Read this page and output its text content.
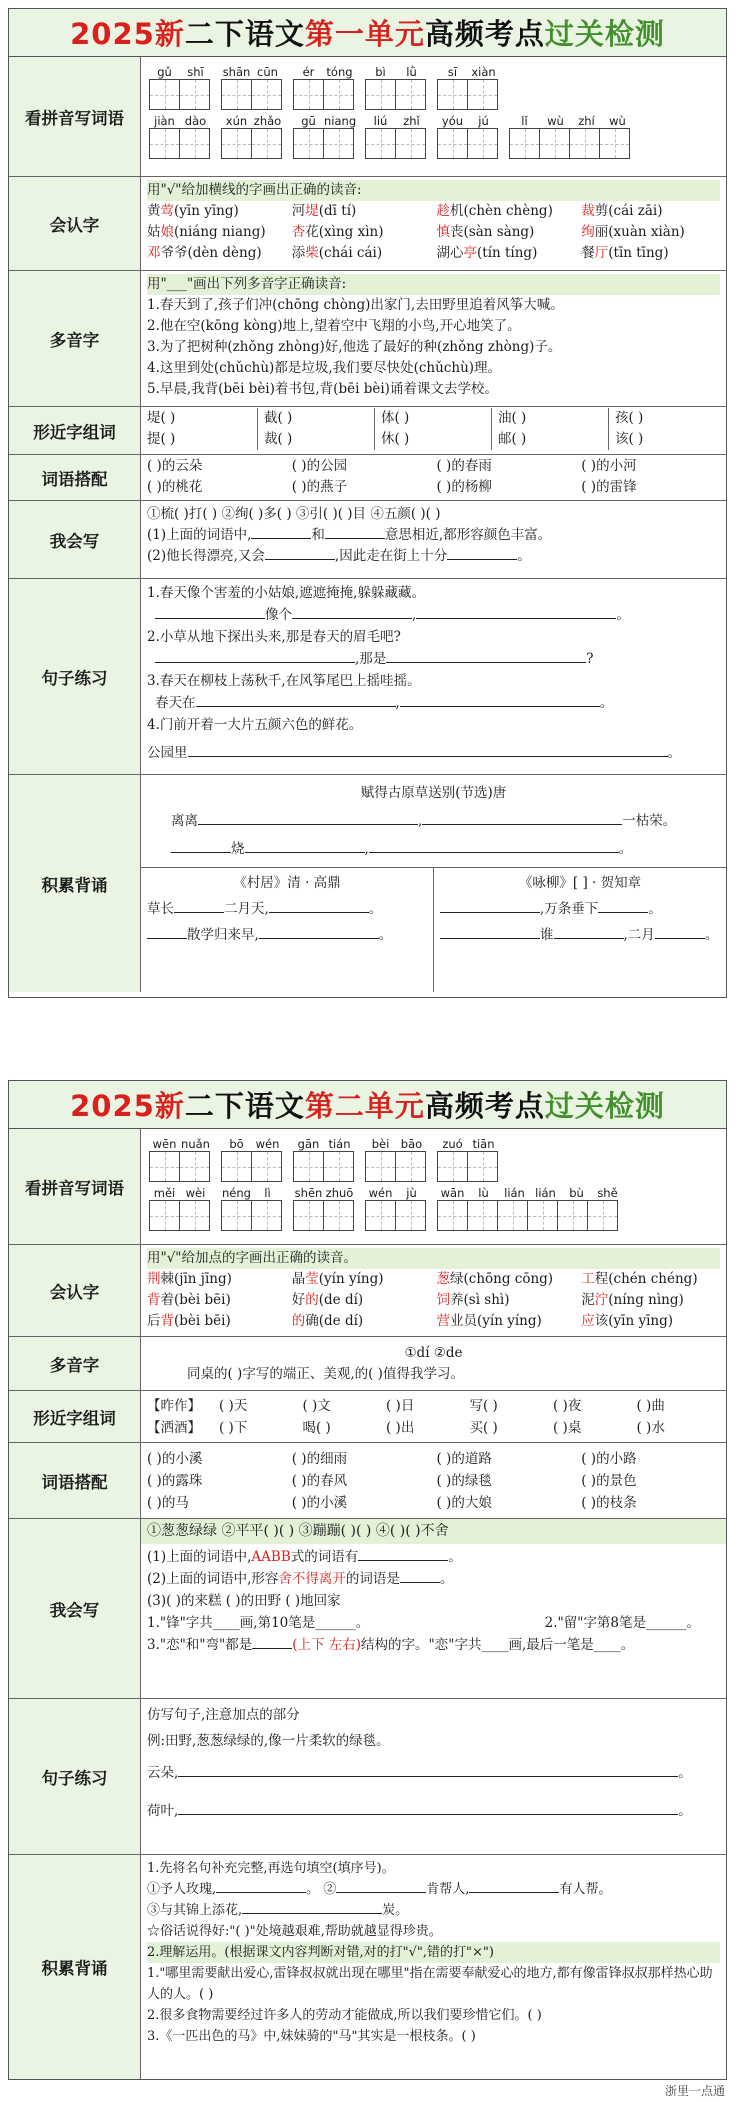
2025新 二下语文 第一单元 高频考点 过关检测
看拼音写词语
gǔ	shī	shān cūn	ér	tóng	bì	lǜ	sī	xiàn
jiàn dào	xún zhǎo	gū niang	liú	zhǐ	yóu	jú	lǐ	wù	zhí	wù
会认字
用"√"给加横线的字画出正确的读音:
黄莺(yīn yīng)	河堤(dī tí)	趁机(chèn chèng)	裁剪(cái zāi)
姑娘(niáng niang)	杏花(xìng xìn)	慎丧(sàn sàng)	绚丽(xuàn xiàn)
邓爷爷(dèn dèng)	添柴(chái cái)	湖心亭(tín tíng)	餐厅(tīn tīng)
多音字
用"___"画出下列多音字正确读音:
1.春天到了,孩子们冲(chōng chòng)出家门,去田野里追着风筝大喊。
2.他在空(kōng kòng)地上,望着空中飞翔的小鸟,开心地笑了。
3.为了把树种(zhǒng zhòng)好,他选了最好的种(zhǒng zhòng)子。
4.这里到处(chǔchù)都是垃圾,我们要尽快处(chǔchù)理。
5.早晨,我背(bēi bèi)着书包,背(bēi bèi)诵着课文去学校。
形近字组词
堤( )	截( )	体( )	油( )	孩( )
提( )	裁( )	休( )	邮( )	该( )
词语搭配
( )的云朵	( )的公园	( )的春雨	( )的小河
( )的桃花	( )的燕子	( )的杨柳	( )的雷锋
我会写
①梳( )打( ) ②绚( )多( ) ③引( )( )目 ④五颜( )( )
(1)上面的词语中,	和	意思相近,都形容颜色丰富。
(2)他长得漂亮,又会	,因此走在街上十分	。
句子练习
1.春天像个害羞的小姑娘,遮遮掩掩,躲躲藏藏。
像个	,	。
2.小草从地下探出头来,那是春天的眉毛吧?
,那是	?
3.春天在柳枝上荡秋千,在风筝尾巴上摇哇摇。
春天在	,	。
4.门前开着一大片五颜六色的鲜花。
公园里	。
积累背诵
赋得古原草送别(节选)唐
离离	,	一枯荣。
烧	,	。
《村居》清 · 高鼎
草长	二月天,	。
散学归来早,	。
《咏柳》[ ] · 贺知章
,万条垂下	。
谁	,二月	。
2025新 二下语文 第二单元 高频考点 过关检测
看拼音写词语
wēn nuǎn	bō	wén	gān tián	bèi	bāo	zuó tiān
měi wèi	néng	lì	shēn zhuō	wén	jù	wān	lù	lián lián	bù	shě
会认字
用"√"给加点的字画出正确的读音。
荆棘(jīn jīng)	晶莹(yín yíng)	葱绿(chōng cōng)	工程(chén chéng)
背着(bèi bēi)	好的(de dí)	饲养(sì shì)	泥泞(níng nìng)
后背(bèi bēi)	的确(de dí)	营业员(yín yíng)	应该(yīn yīng)
多音字
①dí ②de
同桌的( )字写的端正、美观,的( )值得我学习。
形近字组词
【昨作】	( )天	( )文	( )日	写( )	( )夜	( )曲
【洒酒】	( )下	喝( )	( )出	买( )	( )桌	( )水
词语搭配
( )的小溪	( )的细雨	( )的道路	( )的小路
( )的露珠	( )的春风	( )的绿毯	( )的景色
( )的马	( )的小溪	( )的大娘	( )的枝条
我会写
①葱葱绿绿 ②平平( )( ) ③蹦蹦( )( ) ④( )( )不舍
(1)上面的词语中,AABB式的词语有	。
(2)上面的词语中,形容舍不得离开的词语是	。
(3)( )的来糕 ( )的田野 ( )地回家
1."锋"字共____画,第10笔是______。	2."留"字第8笔是______。
3."恋"和"弯"都是	(上下 左右)结构的字。"恋"字共____画,最后一笔是____。
句子练习
仿写句子,注意加点的部分
例:田野,葱葱绿绿的,像一片柔软的绿毯。
云朵,	。
荷叶,	。
积累背诵
1.先将名句补充完整,再选句填空(填序号)。
①予人玫瑰,	。 ②	肯帮人,	有人帮。
③与其锦上添花,	炭。
☆俗话说得好:"( )"处境越艰难,帮助就越显得珍贵。
2.理解运用。(根据课文内容判断对错,对的打"√",错的打"×")
1."哪里需要献出爱心,雷锋叔叔就出现在哪里"指在需要奉献爱心的地方,都有像雷锋叔叔那样热心助人的人。( )
2.很多食物需要经过许多人的劳动才能做成,所以我们要珍惜它们。( )
3.《一匹出色的马》中,妹妹骑的"马"其实是一根枝条。( )
浙里一点通
